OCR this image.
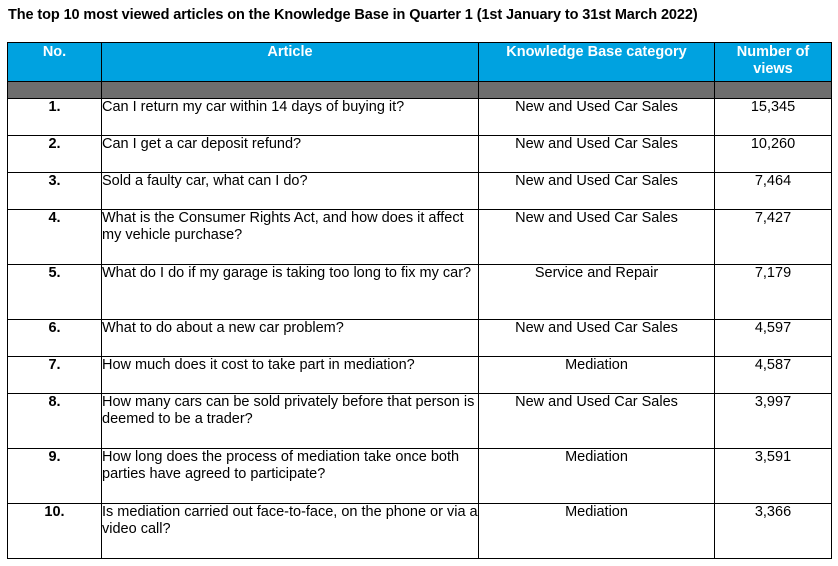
The top 10 most viewed articles on the Knowledge Base in Quarter 1 (1st January to 31st March 2022)
No.	Article	Knowledge Base category	Number of views

1.	Can I return my car within 14 days of buying it?	New and Used Car Sales	15,345
2.	Can I get a car deposit refund?	New and Used Car Sales	10,260
3.	Sold a faulty car, what can I do?	New and Used Car Sales	7,464
4.	What is the Consumer Rights Act, and how does it affect my vehicle purchase?	New and Used Car Sales	7,427
5.	What do I do if my garage is taking too long to fix my car?	Service and Repair	7,179
6.	What to do about a new car problem?	New and Used Car Sales	4,597
7.	How much does it cost to take part in mediation?	Mediation	4,587
8.	How many cars can be sold privately before that person is deemed to be a trader?	New and Used Car Sales	3,997
9.	How long does the process of mediation take once both parties have agreed to participate?	Mediation	3,591
10.	Is mediation carried out face-to-face, on the phone or via a video call?	Mediation	3,366
